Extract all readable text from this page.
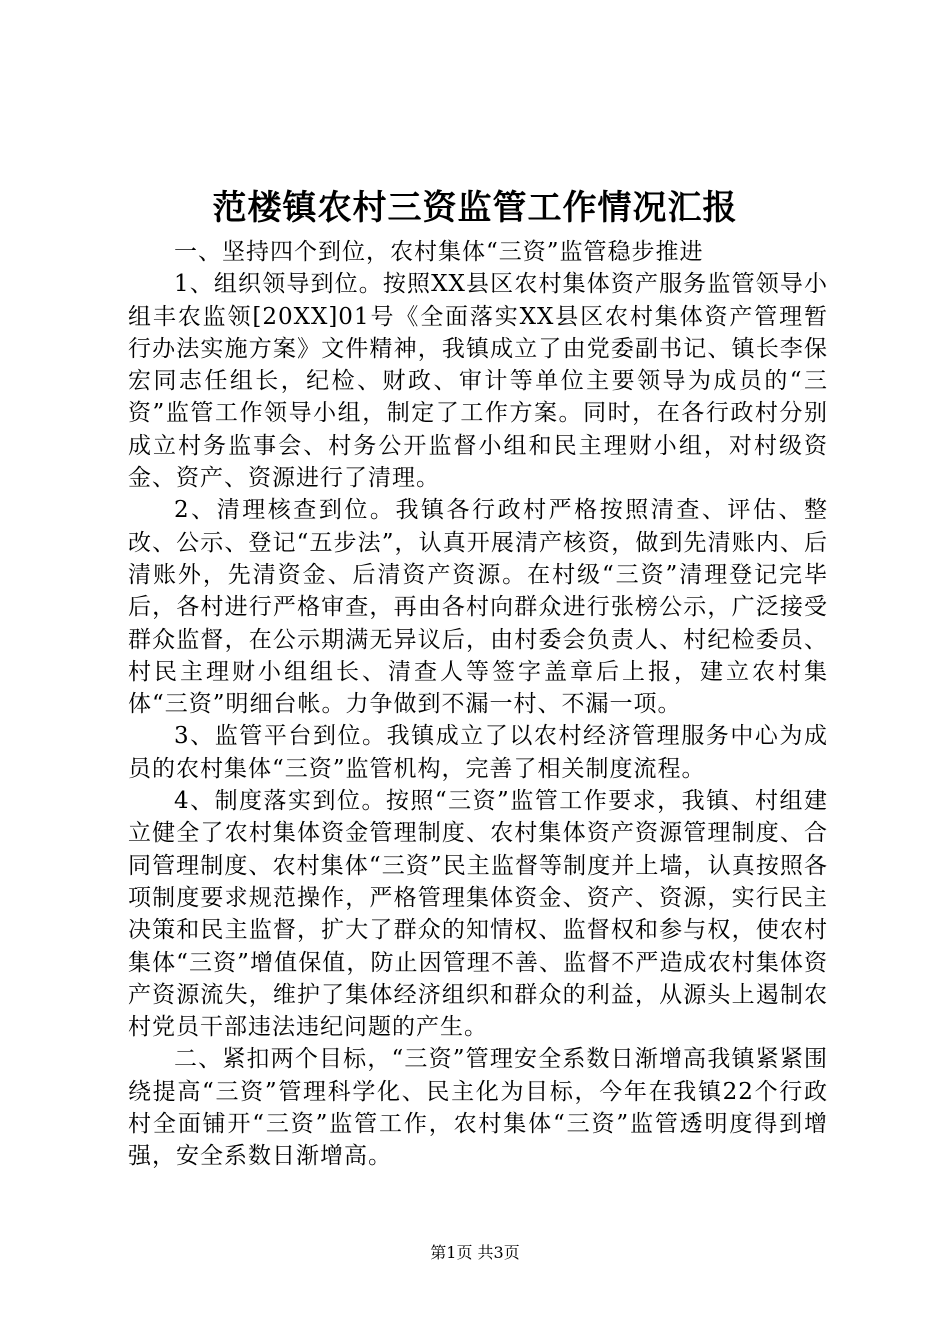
范楼镇农村三资监管工作情况汇报

一、坚持四个到位，农村集体“三资”监管稳步推进

1、组织领导到位。按照XX县区农村集体资产服务监管领导小组丰农监领[20XX]01号《全面落实XX县区农村集体资产管理暂行办法实施方案》文件精神，我镇成立了由党委副书记、镇长李保宏同志任组长，纪检、财政、审计等单位主要领导为成员的“三资”监管工作领导小组，制定了工作方案。同时，在各行政村分别成立村务监事会、村务公开监督小组和民主理财小组，对村级资金、资产、资源进行了清理。

2、清理核查到位。我镇各行政村严格按照清查、评估、整改、公示、登记“五步法”，认真开展清产核资，做到先清账内、后清账外，先清资金、后清资产资源。在村级“三资”清理登记完毕后，各村进行严格审查，再由各村向群众进行张榜公示，广泛接受群众监督，在公示期满无异议后，由村委会负责人、村纪检委员、村民主理财小组组长、清查人等签字盖章后上报，建立农村集体“三资”明细台帐。力争做到不漏一村、不漏一项。

3、监管平台到位。我镇成立了以农村经济管理服务中心为成员的农村集体“三资”监管机构，完善了相关制度流程。

4、制度落实到位。按照“三资”监管工作要求，我镇、村组建立健全了农村集体资金管理制度、农村集体资产资源管理制度、合同管理制度、农村集体“三资”民主监督等制度并上墙，认真按照各项制度要求规范操作，严格管理集体资金、资产、资源，实行民主决策和民主监督，扩大了群众的知情权、监督权和参与权，使农村集体“三资”增值保值，防止因管理不善、监督不严造成农村集体资产资源流失，维护了集体经济组织和群众的利益，从源头上遏制农村党员干部违法违纪问题的产生。

二、紧扣两个目标，“三资”管理安全系数日渐增高我镇紧紧围绕提高“三资”管理科学化、民主化为目标，今年在我镇22个行政村全面铺开“三资”监管工作，农村集体“三资”监管透明度得到增强，安全系数日渐增高。

第1页 共3页
